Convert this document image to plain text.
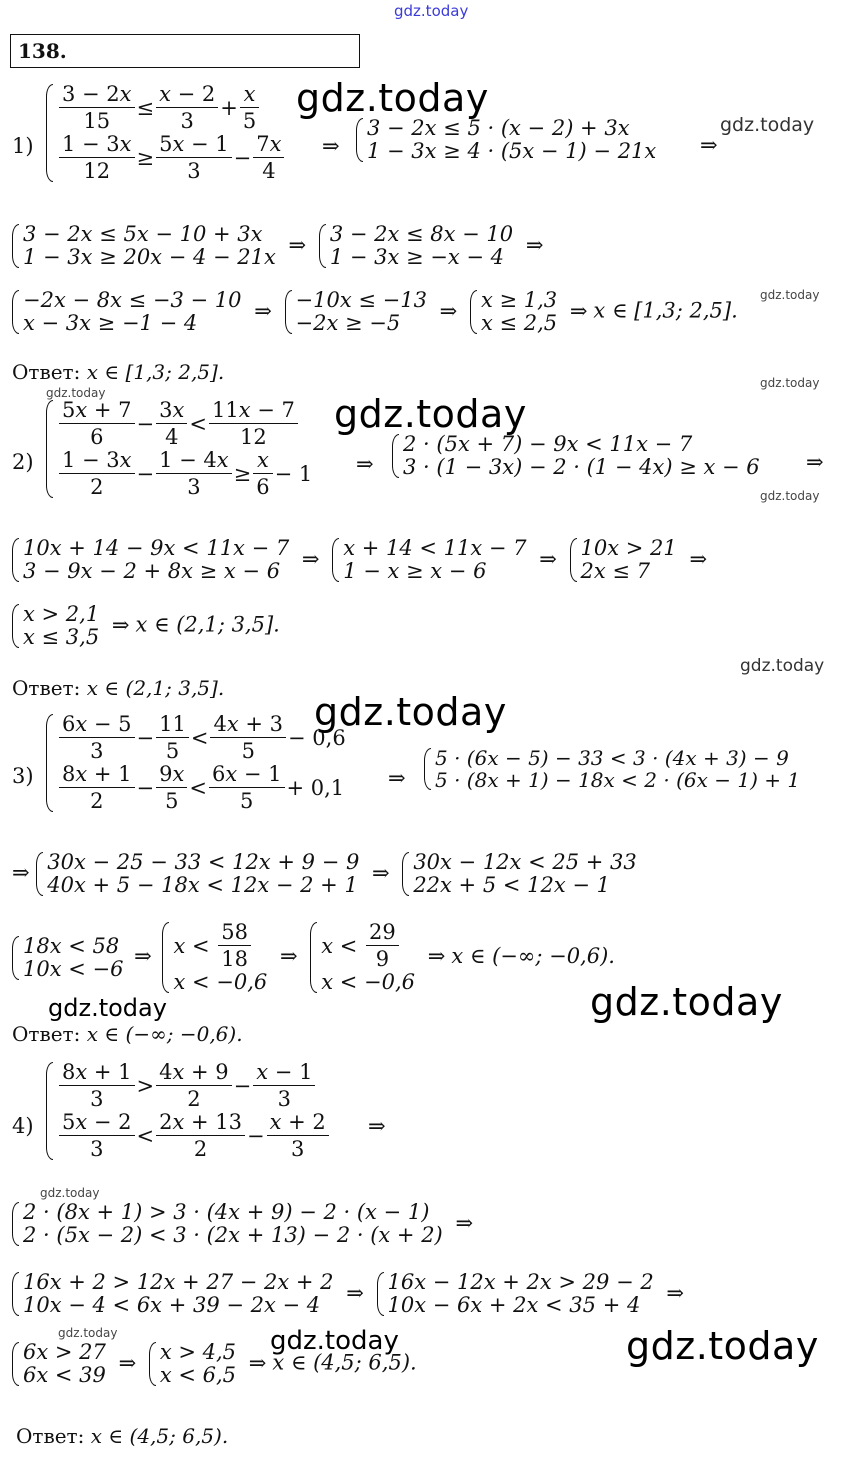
gdz.today
138.
1)
$\frac{3 - 2x}{15} \le \frac{x - 2}{3} + \frac{x}{5}$
$\frac{1 - 3x}{12} \ge \frac{5x - 1}{3} - \frac{7x}{4}$ ⇒
3 − 2x ≤ 5 · (x − 2) + 3x
1 − 3x ≥ 4 · (5x − 1) − 21x ⇒
3 − 2x ≤ 5x − 10 + 3x
1 − 3x ≥ 20x − 4 − 21x
⇒ 3 − 2x ≤ 8x − 10
1 − 3x ≥ −x − 4
⇒
−2x − 8x ≤ −3 − 10
x − 3x ≥ −1 − 4
⇒ −10x ≤ −13
−2x ≥ −5
⇒ x ≥ 1,3
x ≤ 2,5
⇒ x ∈ [1,3; 2,5].
Ответ: x ∈ [1,3; 2,5].
2)
$\frac{5x + 7}{6} - \frac{3x}{4} < \frac{11x - 7}{12}$
$\frac{1 - 3x}{2} - \frac{1 - 4x}{3} \ge \frac{x}{6} - 1$ ⇒
2 · (5x + 7) − 9x < 11x − 7
3 · (1 − 3x) − 2 · (1 − 4x) ≥ x − 6 ⇒
10x + 14 − 9x < 11x − 7
3 − 9x − 2 + 8x ≥ x − 6
⇒ x + 14 < 11x − 7
1 − x ≥ x − 6
⇒ 10x > 21
2x ≤ 7
⇒
x > 2,1
x ≤ 3,5
⇒ x ∈ (2,1; 3,5].
Ответ: x ∈ (2,1; 3,5].
3)
$\frac{6x - 5}{3} - \frac{11}{5} < \frac{4x + 3}{5} - 0,6$
$\frac{8x + 1}{2} - \frac{9x}{5} < \frac{6x - 1}{5} + 0,1$ ⇒
5 · (6x − 5) − 33 < 3 · (4x + 3) − 9
5 · (8x + 1) − 18x < 2 · (6x − 1) + 1
⇒ 30x − 25 − 33 < 12x + 9 − 9
40x + 5 − 18x < 12x − 2 + 1
⇒ 30x − 12x < 25 + 33
22x + 5 < 12x − 1
18x < 58
10x < −6
⇒ $x < \frac{58}{18}$
x < −0,6
⇒ $x < \frac{29}{9}$
x < −0,6
⇒ x ∈ (−∞; −0,6).
Ответ: x ∈ (−∞; −0,6).
4)
$\frac{8x + 1}{3} > \frac{4x + 9}{2} - \frac{x - 1}{3}$
$\frac{5x - 2}{3} < \frac{2x + 13}{2} - \frac{x + 2}{3}$ ⇒
2 · (8x + 1) > 3 · (4x + 9) − 2 · (x − 1)
2 · (5x − 2) < 3 · (2x + 13) − 2 · (x + 2)
⇒
16x + 2 > 12x + 27 − 2x + 2
10x − 4 < 6x + 39 − 2x − 4
⇒ 16x − 12x + 2x > 29 − 2
10x − 6x + 2x < 35 + 4
⇒
6x > 27
6x < 39
⇒ x > 4,5
x < 6,5
⇒ x ∈ (4,5; 6,5).
Ответ: x ∈ (4,5; 6,5).
gdz.today
gdz.today
gdz.today
gdz.today
gdz.today	gdz.today
gdz.today
gdz.today
gdz.today
gdz.today
gdz.today
gdz.today
gdz.today	gdz.today	gdz.today
